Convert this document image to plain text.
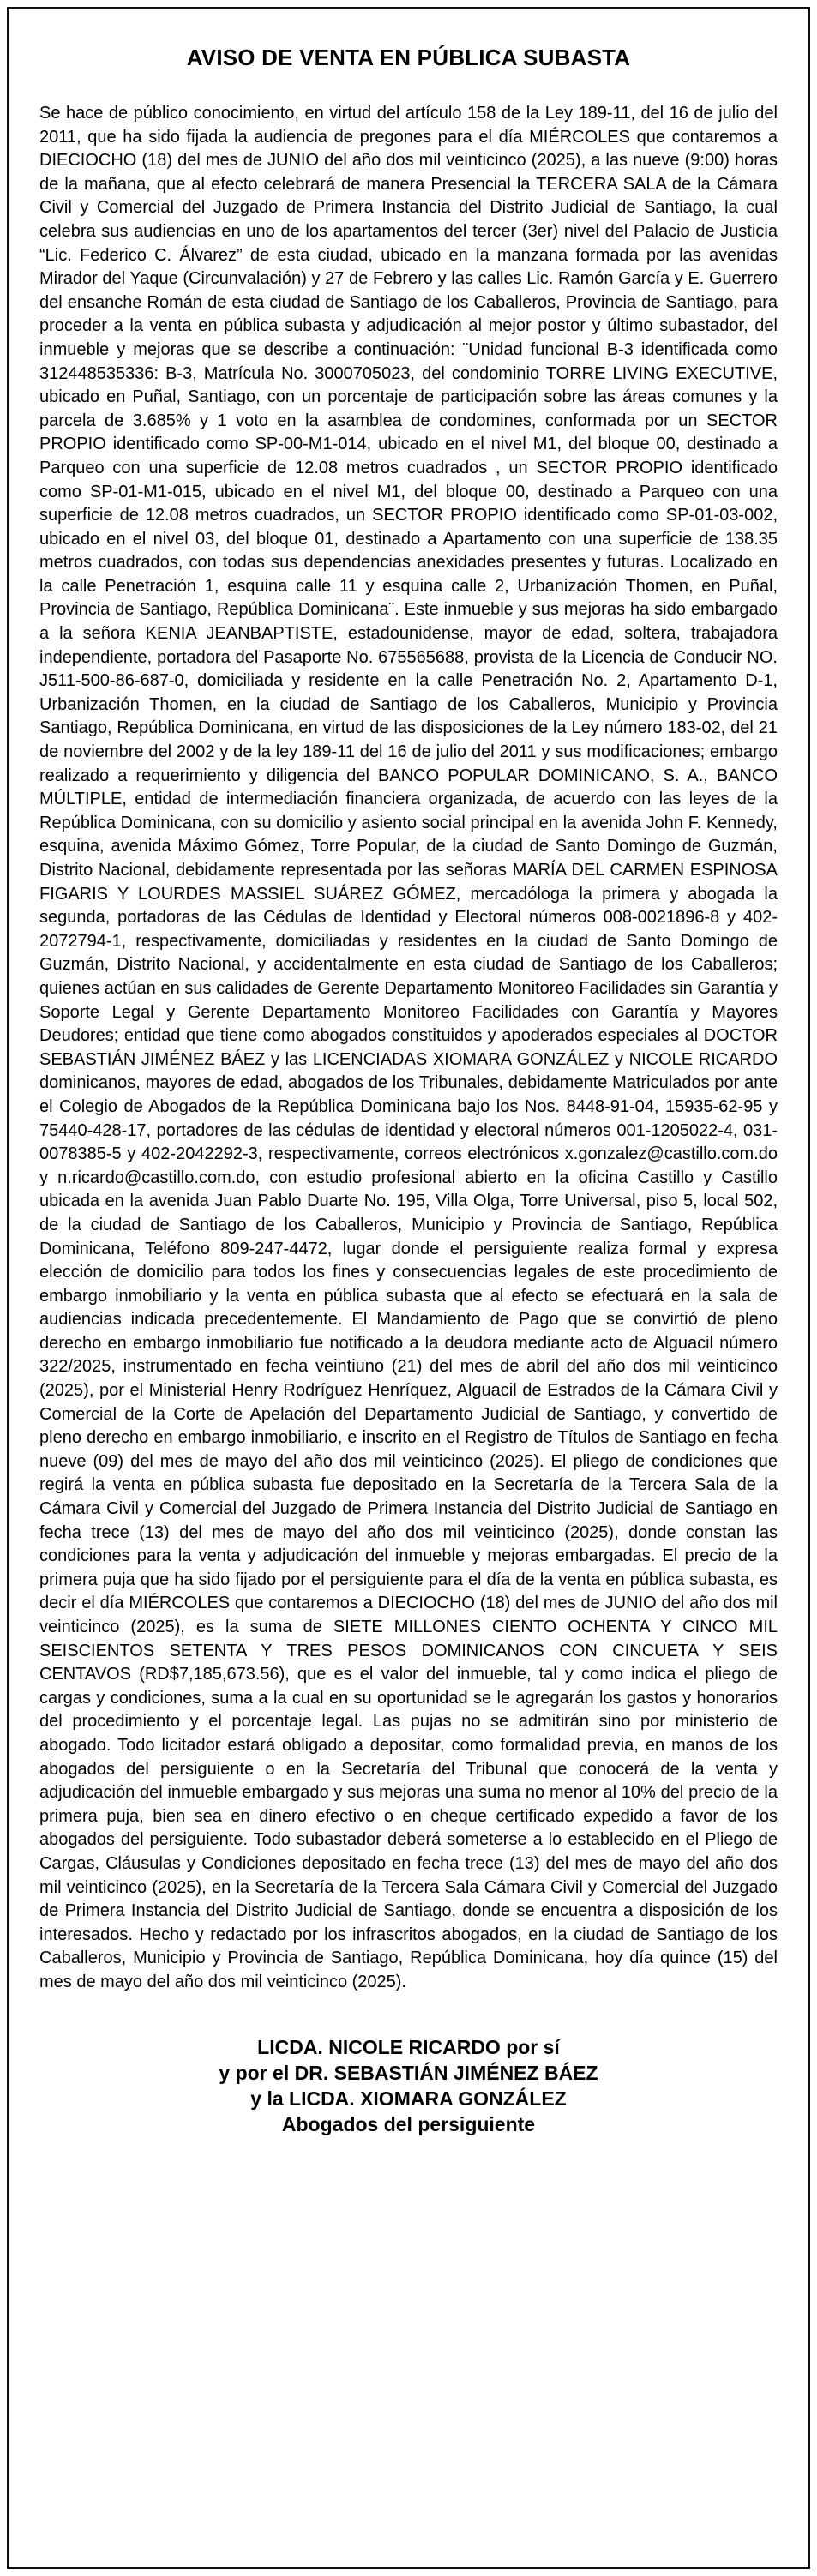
AVISO DE VENTA EN PÚBLICA SUBASTA
Se hace de público conocimiento, en virtud del artículo 158 de la Ley 189-11, del 16 de julio del 2011, que ha sido fijada la audiencia de pregones para el día MIÉRCOLES que contaremos a DIECIOCHO (18) del mes de JUNIO del año dos mil veinticinco (2025), a las nueve (9:00) horas de la mañana, que al efecto celebrará de manera Presencial la TERCERA SALA de la Cámara Civil y Comercial del Juzgado de Primera Instancia del Distrito Judicial de Santiago, la cual celebra sus audiencias en uno de los apartamentos del tercer (3er) nivel del Palacio de Justicia “Lic. Federico C. Álvarez” de esta ciudad, ubicado en la manzana formada por las avenidas Mirador del Yaque (Circunvalación) y 27 de Febrero y las calles Lic. Ramón García y E. Guerrero del ensanche Román de esta ciudad de Santiago de los Caballeros, Provincia de Santiago, para proceder a la venta en pública subasta y adjudicación al mejor postor y último subastador, del inmueble y mejoras que se describe a continuación: ¨Unidad funcional B-3 identificada como 312448535336: B-3, Matrícula No. 3000705023, del condominio TORRE LIVING EXECUTIVE, ubicado en Puñal, Santiago, con un porcentaje de participación sobre las áreas comunes y la parcela de 3.685% y 1 voto en la asamblea de condomines, conformada por un SECTOR PROPIO identificado como SP-00-M1-014, ubicado en el nivel M1, del bloque 00, destinado a Parqueo con una superficie de 12.08 metros cuadrados , un SECTOR PROPIO identificado como SP-01-M1-015, ubicado en el nivel M1, del bloque 00, destinado a Parqueo con una superficie de 12.08 metros cuadrados, un SECTOR PROPIO identificado como SP-01-03-002, ubicado en el nivel 03, del bloque 01, destinado a Apartamento con una superficie de 138.35 metros cuadrados, con todas sus dependencias anexidades presentes y futuras. Localizado en la calle Penetración 1, esquina calle 11 y esquina calle 2, Urbanización Thomen, en Puñal, Provincia de Santiago, República Dominicana¨. Este inmueble y sus mejoras ha sido embargado a la señora KENIA JEANBAPTISTE, estadounidense, mayor de edad, soltera, trabajadora independiente, portadora del Pasaporte No. 675565688, provista de la Licencia de Conducir NO. J511-500-86-687-0, domiciliada y residente en la calle Penetración No. 2, Apartamento D-1, Urbanización Thomen, en la ciudad de Santiago de los Caballeros, Municipio y Provincia Santiago, República Dominicana, en virtud de las disposiciones de la Ley número 183-02, del 21 de noviembre del 2002 y de la ley 189-11 del 16 de julio del 2011 y sus modificaciones; embargo realizado a requerimiento y diligencia del BANCO POPULAR DOMINICANO, S. A., BANCO MÚLTIPLE, entidad de intermediación financiera organizada, de acuerdo con las leyes de la República Dominicana, con su domicilio y asiento social principal en la avenida John F. Kennedy, esquina, avenida Máximo Gómez, Torre Popular, de la ciudad de Santo Domingo de Guzmán, Distrito Nacional, debidamente representada por las señoras MARÍA DEL CARMEN ESPINOSA FIGARIS Y LOURDES MASSIEL SUÁREZ GÓMEZ, mercadóloga la primera y abogada la segunda, portadoras de las Cédulas de Identidad y Electoral números 008-0021896-8 y 402-2072794-1, respectivamente, domiciliadas y residentes en la ciudad de Santo Domingo de Guzmán, Distrito Nacional, y accidentalmente en esta ciudad de Santiago de los Caballeros; quienes actúan en sus calidades de Gerente Departamento Monitoreo Facilidades sin Garantía y Soporte Legal y Gerente Departamento Monitoreo Facilidades con Garantía y Mayores Deudores; entidad que tiene como abogados constituidos y apoderados especiales al DOCTOR SEBASTIÁN JIMÉNEZ BÁEZ y las LICENCIADAS XIOMARA GONZÁLEZ y NICOLE RICARDO dominicanos, mayores de edad, abogados de los Tribunales, debidamente Matriculados por ante el Colegio de Abogados de la República Dominicana bajo los Nos. 8448-91-04, 15935-62-95 y 75440-428-17, portadores de las cédulas de identidad y electoral números 001-1205022-4, 031-0078385-5 y 402-2042292-3, respectivamente, correos electrónicos x.gonzalez@castillo.com.do y n.ricardo@castillo.com.do, con estudio profesional abierto en la oficina Castillo y Castillo ubicada en la avenida Juan Pablo Duarte No. 195, Villa Olga, Torre Universal, piso 5, local 502, de la ciudad de Santiago de los Caballeros, Municipio y Provincia de Santiago, República Dominicana, Teléfono 809-247-4472, lugar donde el persiguiente realiza formal y expresa elección de domicilio para todos los fines y consecuencias legales de este procedimiento de embargo inmobiliario y la venta en pública subasta que al efecto se efectuará en la sala de audiencias indicada precedentemente. El Mandamiento de Pago que se convirtió de pleno derecho en embargo inmobiliario fue notificado a la deudora mediante acto de Alguacil número 322/2025, instrumentado en fecha veintiuno (21) del mes de abril del año dos mil veinticinco (2025), por el Ministerial Henry Rodríguez Henríquez, Alguacil de Estrados de la Cámara Civil y Comercial de la Corte de Apelación del Departamento Judicial de Santiago, y convertido de pleno derecho en embargo inmobiliario, e inscrito en el Registro de Títulos de Santiago en fecha nueve (09) del mes de mayo del año dos mil veinticinco (2025). El pliego de condiciones que regirá la venta en pública subasta fue depositado en la Secretaría de la Tercera Sala de la Cámara Civil y Comercial del Juzgado de Primera Instancia del Distrito Judicial de Santiago en fecha trece (13) del mes de mayo del año dos mil veinticinco (2025), donde constan las condiciones para la venta y adjudicación del inmueble y mejoras embargadas. El precio de la primera puja que ha sido fijado por el persiguiente para el día de la venta en pública subasta, es decir el día MIÉRCOLES que contaremos a DIECIOCHO (18) del mes de JUNIO del año dos mil veinticinco (2025), es la suma de SIETE MILLONES CIENTO OCHENTA Y CINCO MIL SEISCIENTOS SETENTA Y TRES PESOS DOMINICANOS CON CINCUETA Y SEIS CENTAVOS (RD$7,185,673.56), que es el valor del inmueble, tal y como indica el pliego de cargas y condiciones, suma a la cual en su oportunidad se le agregarán los gastos y honorarios del procedimiento y el porcentaje legal. Las pujas no se admitirán sino por ministerio de abogado. Todo licitador estará obligado a depositar, como formalidad previa, en manos de los abogados del persiguiente o en la Secretaría del Tribunal que conocerá de la venta y adjudicación del inmueble embargado y sus mejoras una suma no menor al 10% del precio de la primera puja, bien sea en dinero efectivo o en cheque certificado expedido a favor de los abogados del persiguiente. Todo subastador deberá someterse a lo establecido en el Pliego de Cargas, Cláusulas y Condiciones depositado en fecha trece (13) del mes de mayo del año dos mil veinticinco (2025), en la Secretaría de la Tercera Sala Cámara Civil y Comercial del Juzgado de Primera Instancia del Distrito Judicial de Santiago, donde se encuentra a disposición de los interesados. Hecho y redactado por los infrascritos abogados, en la ciudad de Santiago de los Caballeros, Municipio y Provincia de Santiago, República Dominicana, hoy día quince (15) del mes de mayo del año dos mil veinticinco (2025).
LICDA. NICOLE RICARDO por sí
y por el DR. SEBASTIÁN JIMÉNEZ BÁEZ
y la LICDA. XIOMARA GONZÁLEZ
Abogados del persiguiente
